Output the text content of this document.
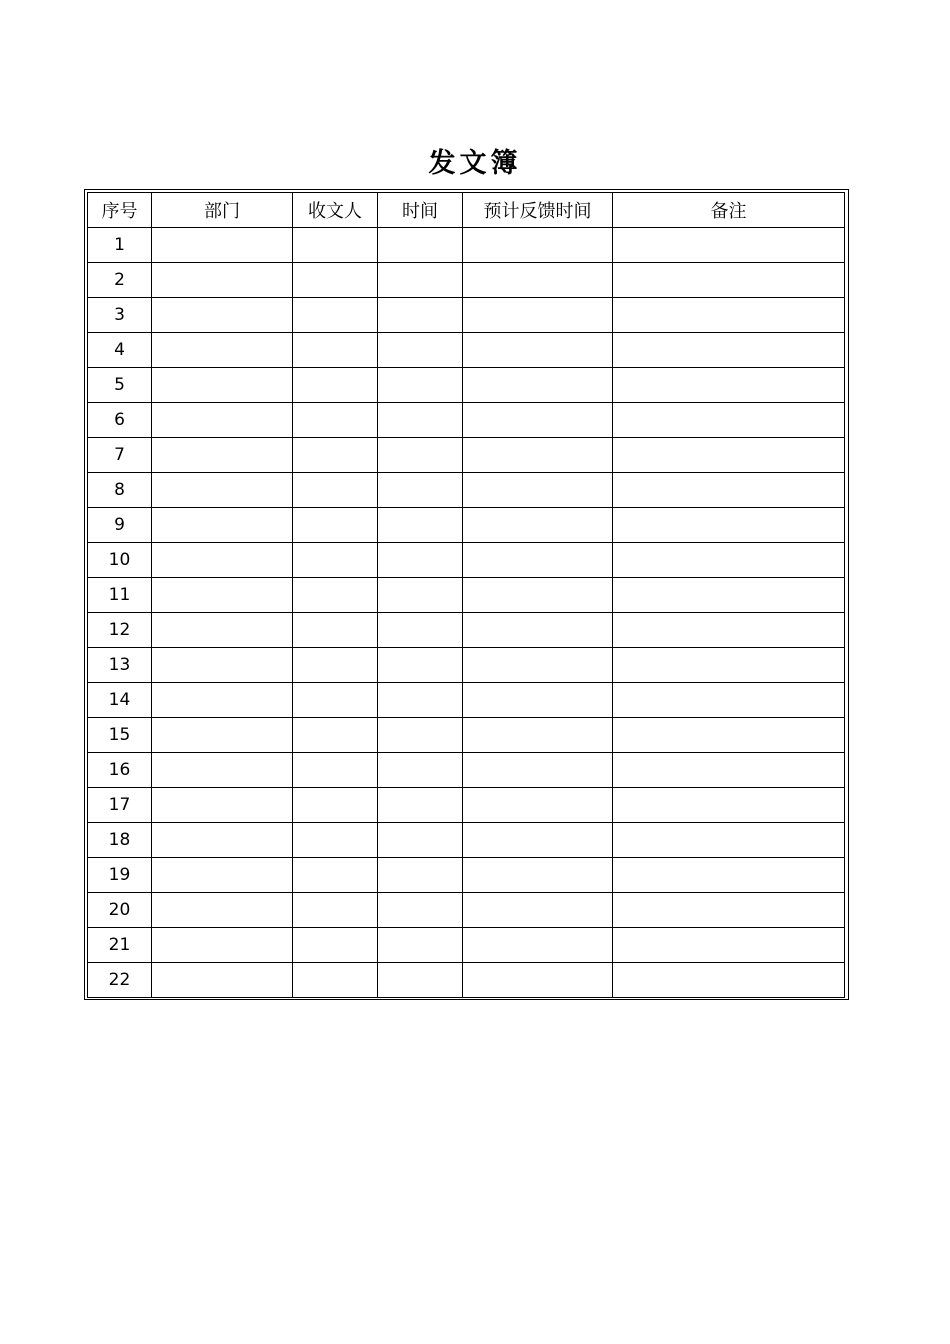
发文簿
序号	部门	收文人	时间	预计反馈时间	备注
1					
2					
3					
4					
5					
6					
7					
8					
9					
10					
11					
12					
13					
14					
15					
16					
17					
18					
19					
20					
21					
22					
